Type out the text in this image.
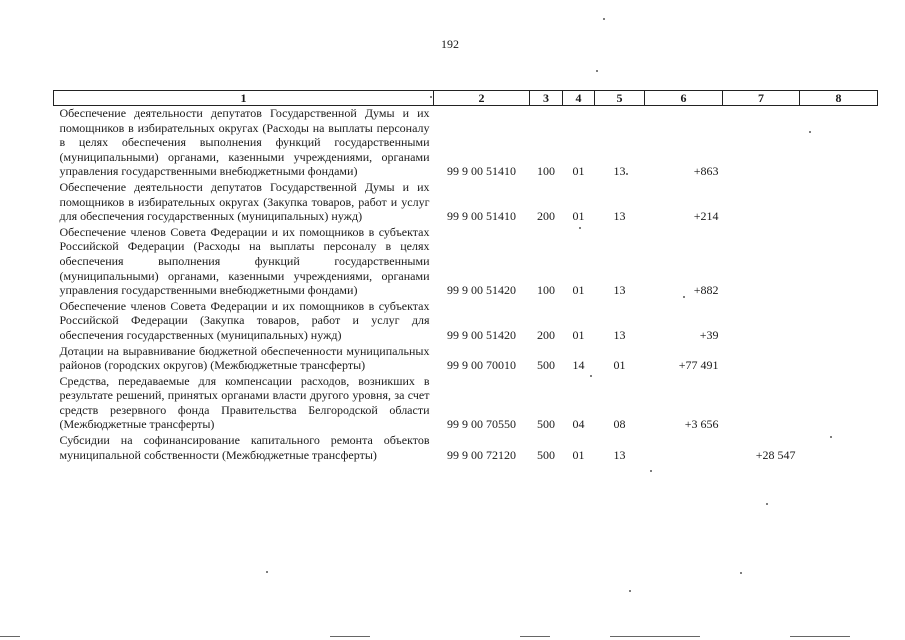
192
1	2	3	4	5	6	7	8
Обеспечение деятельности депутатов Государственной Думы и их помощников в избирательных округах (Расходы на выплаты персоналу в целях обеспечения выполнения функций государственными (муниципальными) органами, казенными учреждениями, органами управления государственными внебюджетными фондами)	99 9 00 51410	100	01	13	+863		
Обеспечение деятельности депутатов Государственной Думы и их помощников в избирательных округах (Закупка товаров, работ и услуг для обеспечения государственных (муниципальных) нужд)	99 9 00 51410	200	01	13	+214		
Обеспечение членов Совета Федерации и их помощников в субъектах Российской Федерации (Расходы на выплаты персоналу в целях обеспечения выполнения функций государственными (муниципальными) органами, казенными учреждениями, органами управления государственными внебюджетными фондами)	99 9 00 51420	100	01	13	+882		
Обеспечение членов Совета Федерации и их помощников в субъектах Российской Федерации (Закупка товаров, работ и услуг для обеспечения государственных (муниципальных) нужд)	99 9 00 51420	200	01	13	+39		
Дотации на выравнивание бюджетной обеспеченности муниципальных районов (городских округов) (Межбюджетные трансферты)	99 9 00 70010	500	14	01	+77 491		
Средства, передаваемые для компенсации расходов, возникших в результате решений, принятых органами власти другого уровня, за счет средств резервного фонда Правительства Белгородской области (Межбюджетные трансферты)	99 9 00 70550	500	04	08	+3 656		
Субсидии на софинансирование капитального ремонта объектов муниципальной собственности (Межбюджетные трансферты)	99 9 00 72120	500	01	13		+28 547	
